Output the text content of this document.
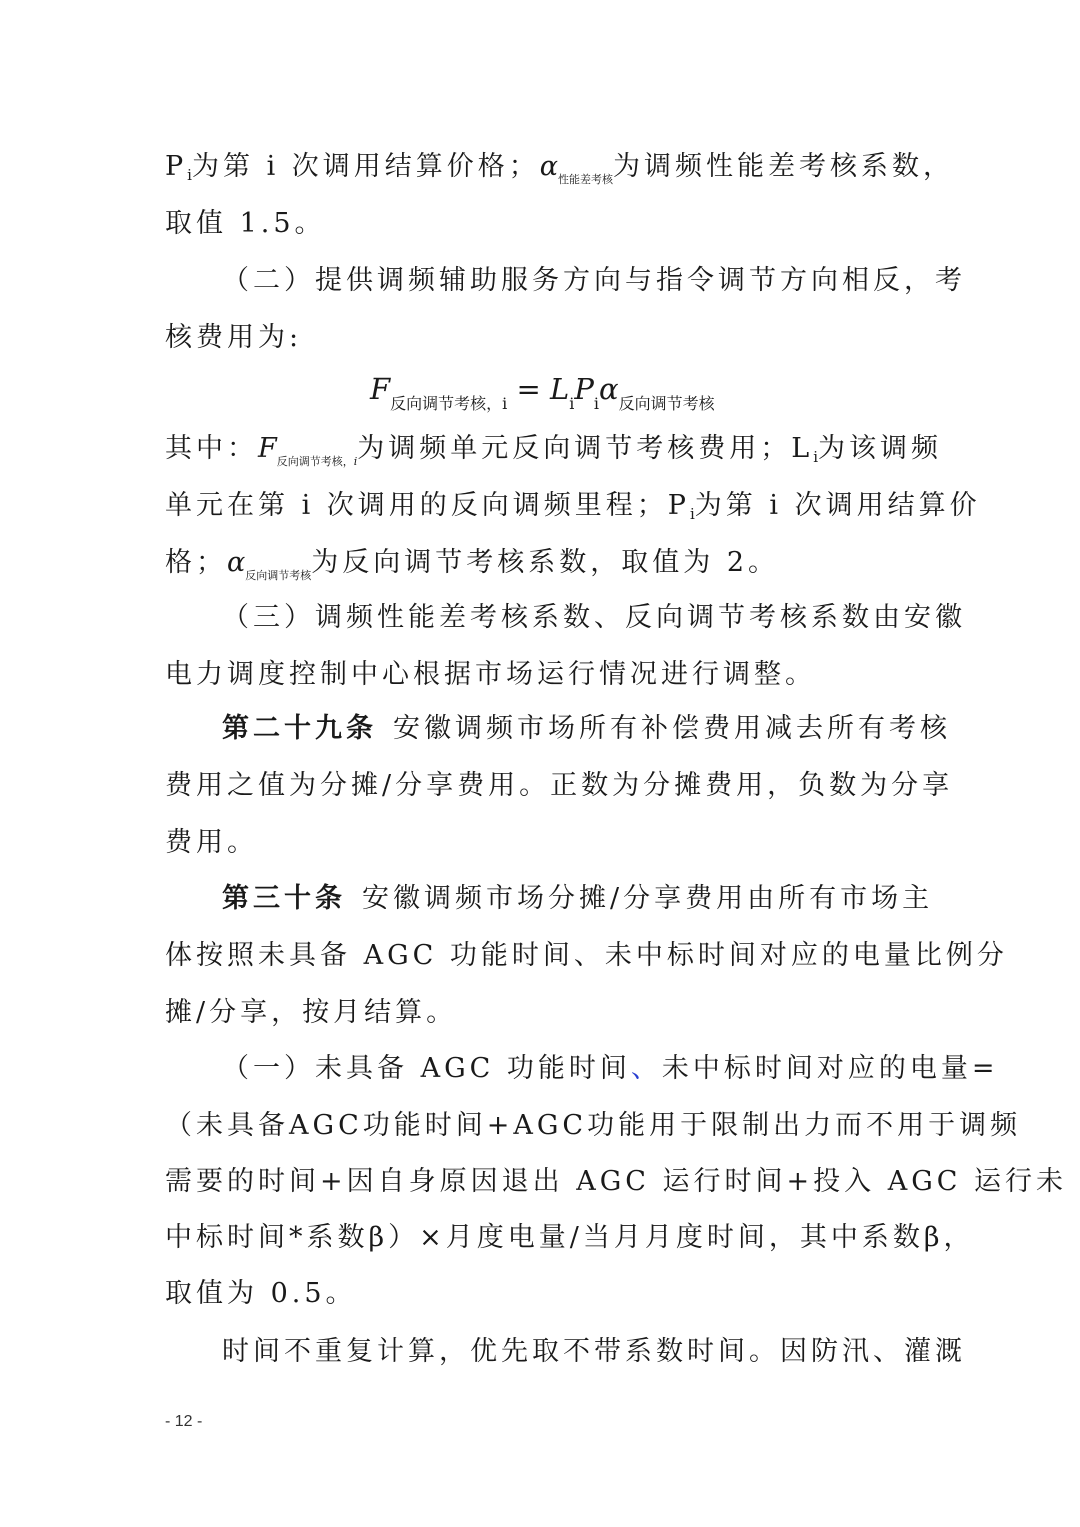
$P_i$为第 i 次调用结算价格；$\alpha_{性能差考核}$为调频性能差考核系数，
取值 1.5。
（二）提供调频辅助服务方向与指令调节方向相反，考
核费用为:
$F_{反向调节考核,i} = L_iP_i\alpha_{反向调节考核}$
其中：$F_{反向调节考核,i}$为调频单元反向调节考核费用；$L_i$为该调频
单元在第 i 次调用的反向调频里程；$P_i$为第 i 次调用结算价
格；$\alpha_{反向调节考核}$为反向调节考核系数，取值为 2。
（三）调频性能差考核系数、反向调节考核系数由安徽
电力调度控制中心根据市场运行情况进行调整。
第二十九条 安徽调频市场所有补偿费用减去所有考核
费用之值为分摊/分享费用。正数为分摊费用，负数为分享
费用。
第三十条 安徽调频市场分摊/分享费用由所有市场主
体按照未具备 AGC 功能时间、未中标时间对应的电量比例分
摊/分享，按月结算。
（一）未具备 AGC 功能时间、未中标时间对应的电量=
（未具备AGC功能时间+AGC功能用于限制出力而不用于调频
需要的时间+因自身原因退出 AGC 运行时间+投入 AGC 运行未
中标时间*系数β）×月度电量/当月月度时间，其中系数β，
取值为 0.5。
时间不重复计算，优先取不带系数时间。因防汛、灌溉
- 12 -
